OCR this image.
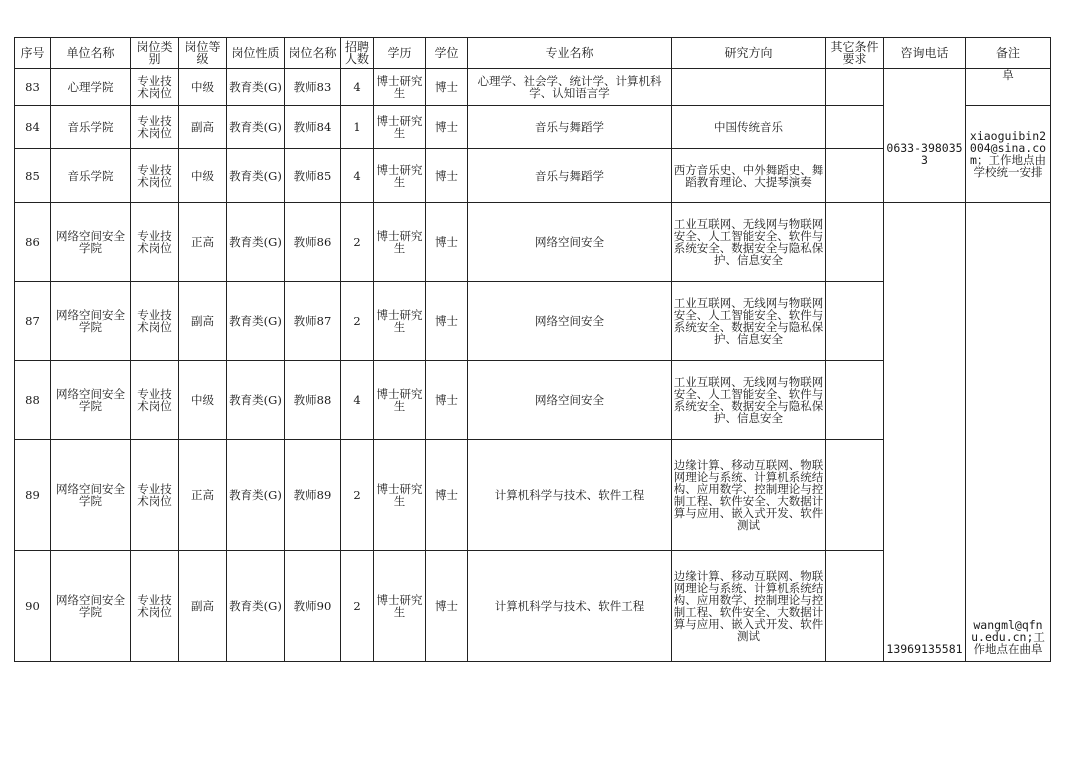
序号	单位名称	岗位类别	岗位等级	岗位性质	岗位名称	招聘人数	学历	学位	专业名称	研究方向	其它条件要求	咨询电话	备注
83	心理学院	专业技术岗位	中级	教育类(G)	教师83	4	博士研究生	博士	心理学、社会学、统计学、计算机科学、认知语言学				阜
84	音乐学院	专业技术岗位	副高	教育类(G)	教师84	1	博士研究生	博士	音乐与舞蹈学	中国传统音乐		0633-3980353	xiaoguibin2004@sina.com；工作地点由学校统一安排
85	音乐学院	专业技术岗位	中级	教育类(G)	教师85	4	博士研究生	博士	音乐与舞蹈学	西方音乐史、中外舞蹈史、舞蹈教育理论、大提琴演奏			
86	网络空间安全学院	专业技术岗位	正高	教育类(G)	教师86	2	博士研究生	博士	网络空间安全	工业互联网、无线网与物联网安全、人工智能安全、软件与系统安全、数据安全与隐私保护、信息安全		13969135581	wangml@qfnu.edu.cn;工作地点在曲阜
87	网络空间安全学院	专业技术岗位	副高	教育类(G)	教师87	2	博士研究生	博士	网络空间安全	工业互联网、无线网与物联网安全、人工智能安全、软件与系统安全、数据安全与隐私保护、信息安全			
88	网络空间安全学院	专业技术岗位	中级	教育类(G)	教师88	4	博士研究生	博士	网络空间安全	工业互联网、无线网与物联网安全、人工智能安全、软件与系统安全、数据安全与隐私保护、信息安全			
89	网络空间安全学院	专业技术岗位	正高	教育类(G)	教师89	2	博士研究生	博士	计算机科学与技术、软件工程	边缘计算、移动互联网、物联网理论与系统、计算机系统结构、应用数学、控制理论与控制工程、软件安全、大数据计算与应用、嵌入式开发、软件测试			
90	网络空间安全学院	专业技术岗位	副高	教育类(G)	教师90	2	博士研究生	博士	计算机科学与技术、软件工程	边缘计算、移动互联网、物联网理论与系统、计算机系统结构、应用数学、控制理论与控制工程、软件安全、大数据计算与应用、嵌入式开发、软件测试			
